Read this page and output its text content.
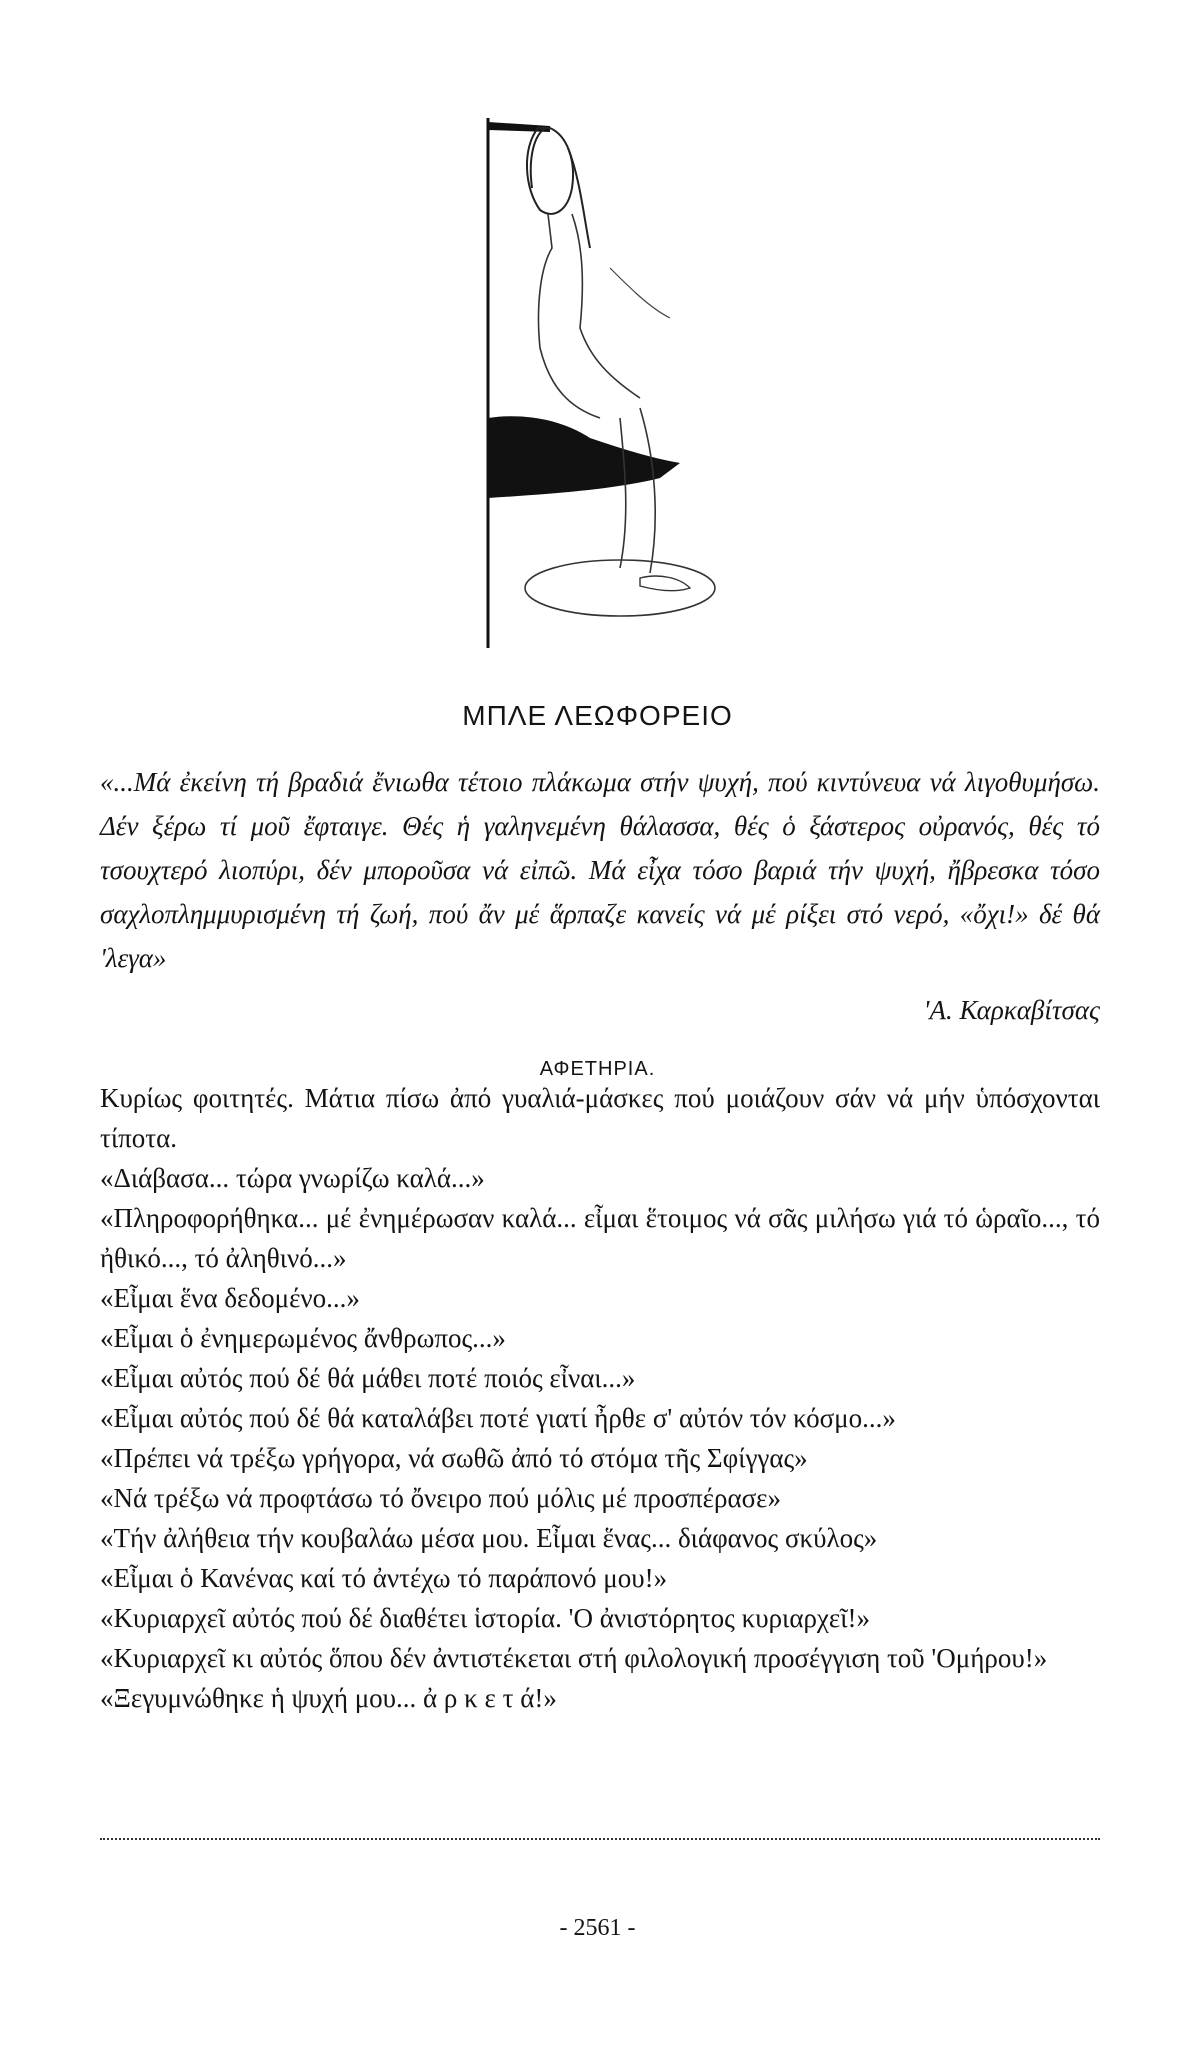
ΜΠΛΕ ΛΕΩΦΟΡΕΙΟ
«...Μά ἐκείνη τή βραδιά ἔνιωθα τέτοιο πλάκωμα στήν ψυχή, πού κιντύνευα νά λιγοθυμήσω. Δέν ξέρω τί μοῦ ἔφταιγε. Θές ἡ γαληνεμένη θάλασσα, θές ὁ ξάστερος οὐρανός, θές τό τσουχτερό λιοπύρι, δέν μποροῦσα νά εἰπῶ. Μά εἶχα τόσο βαριά τήν ψυχή, ἤβρεσκα τόσο σαχλοπλημμυρισμένη τή ζωή, πού ἄν μέ ἅρπαζε κανείς νά μέ ρίξει στό νερό, «ὄχι!» δέ θά 'λεγα»
'Α. Καρκαβίτσας
ΑΦΕΤΗΡΙΑ.

Κυρίως φοιτητές. Μάτια πίσω ἀπό γυαλιά-μάσκες πού μοιάζουν σάν νά μήν ὑπόσχονται τίποτα.

«Διάβασα... τώρα γνωρίζω καλά...»

«Πληροφορήθηκα... μέ ἐνημέρωσαν καλά... εἶμαι ἕτοιμος νά σᾶς μιλήσω γιά τό ὡραῖο..., τό ἠθικό..., τό ἀληθινό...»

«Εἶμαι ἕνα δεδομένο...»

«Εἶμαι ὁ ἐνημερωμένος ἄνθρωπος...»

«Εἶμαι αὐτός πού δέ θά μάθει ποτέ ποιός εἶναι...»

«Εἶμαι αὐτός πού δέ θά καταλάβει ποτέ γιατί ἦρθε σ' αὐτόν τόν κόσμο...»

«Πρέπει νά τρέξω γρήγορα, νά σωθῶ ἀπό τό στόμα τῆς Σφίγγας»

«Νά τρέξω νά προφτάσω τό ὄνειρο πού μόλις μέ προσπέρασε»

«Τήν ἀλήθεια τήν κουβαλάω μέσα μου. Εἶμαι ἕνας... διάφανος σκύλος»

«Εἶμαι ὁ Κανένας καί τό ἀντέχω τό παράπονό μου!»

«Κυριαρχεῖ αὐτός πού δέ διαθέτει ἱστορία. 'Ο ἀνιστόρητος κυριαρχεῖ!»

«Κυριαρχεῖ κι αὐτός ὅπου δέν ἀντιστέκεται στή φιλολογική προσέγγιση τοῦ 'Ομήρου!»

«Ξεγυμνώθηκε ἡ ψυχή μου... ἀ ρ κ ε τ ά!»

- 2561 -
